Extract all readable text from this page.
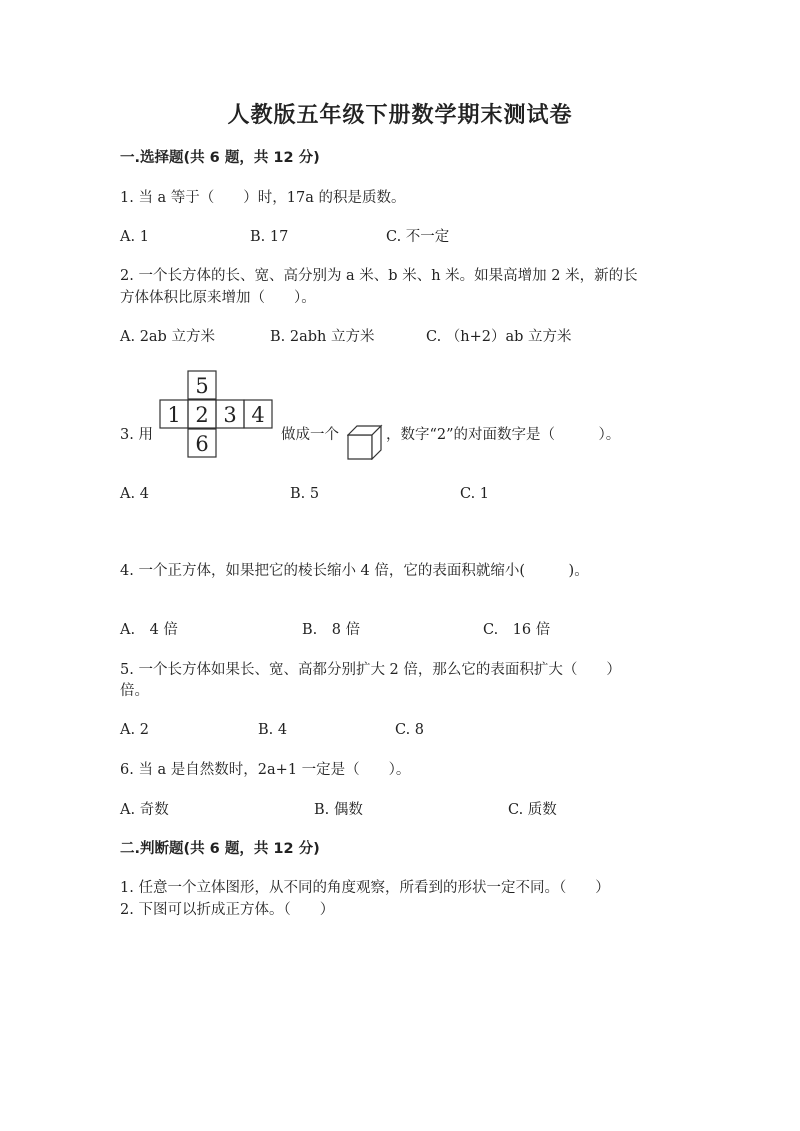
人教版五年级下册数学期末测试卷
一.选择题(共 6 题，共 12 分)
1. 当 a 等于（　　）时，17a 的积是质数。
A. 1	B. 17	C. 不一定
2. 一个长方体的长、宽、高分别为 a 米、b 米、h 米。如果高增加 2 米，新的长
方体体积比原来增加（　　）。
A. 2ab 立方米	B. 2abh 立方米	C. （h+2）ab 立方米
3. 用
5
1 2 3 4
6	做成一个	，数字“2”的对面数字是（　　　）。
A. 4	B. 5	C. 1
4. 一个正方体，如果把它的棱长缩小 4 倍，它的表面积就缩小(　　　)。
A.　4 倍	B.　8 倍	C.　16 倍
5. 一个长方体如果长、宽、高都分别扩大 2 倍，那么它的表面积扩大（　　）
倍。
A. 2	B. 4	C. 8
6. 当 a 是自然数时，2a+1 一定是（　　）。
A. 奇数	B. 偶数	C. 质数
二.判断题(共 6 题，共 12 分)
1. 任意一个立体图形，从不同的角度观察，所看到的形状一定不同。（　　）
2. 下图可以折成正方体。（　　）
